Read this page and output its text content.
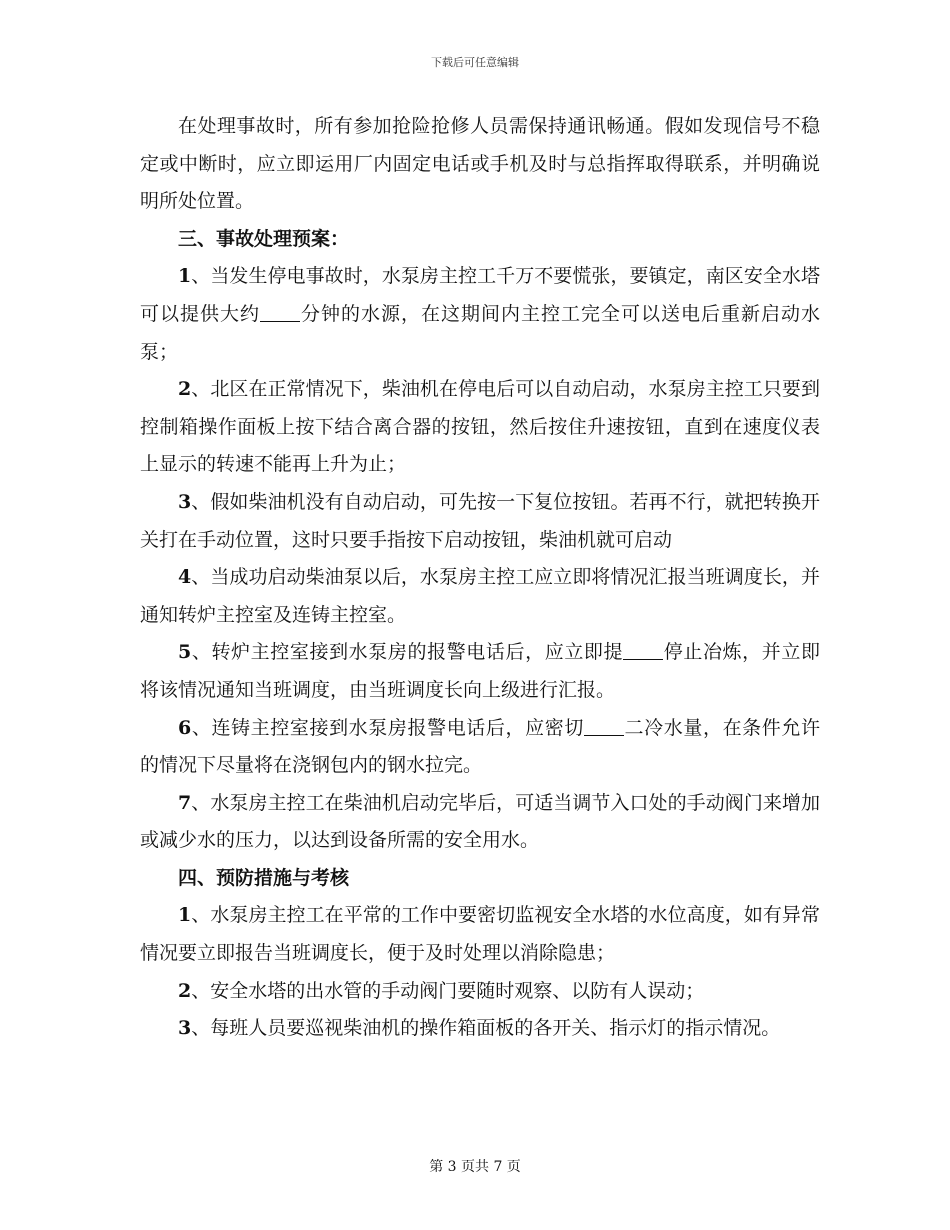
下载后可任意编辑

在处理事故时，所有参加抢险抢修人员需保持通讯畅通。假如发现信号不稳定或中断时，应立即运用厂内固定电话或手机及时与总指挥取得联系，并明确说明所处位置。

三、事故处理预案：

1、当发生停电事故时，水泵房主控工千万不要慌张，要镇定，南区安全水塔可以提供大约 分钟的水源，在这期间内主控工完全可以送电后重新启动水泵；

2、北区在正常情况下，柴油机在停电后可以自动启动，水泵房主控工只要到控制箱操作面板上按下结合离合器的按钮，然后按住升速按钮，直到在速度仪表上显示的转速不能再上升为止；

3、假如柴油机没有自动启动，可先按一下复位按钮。若再不行，就把转换开关打在手动位置，这时只要手指按下启动按钮，柴油机就可启动

4、当成功启动柴油泵以后，水泵房主控工应立即将情况汇报当班调度长，并通知转炉主控室及连铸主控室。

5、转炉主控室接到水泵房的报警电话后，应立即提 停止冶炼，并立即将该情况通知当班调度，由当班调度长向上级进行汇报。

6、连铸主控室接到水泵房报警电话后，应密切 二冷水量，在条件允许的情况下尽量将在浇钢包内的钢水拉完。

7、水泵房主控工在柴油机启动完毕后，可适当调节入口处的手动阀门来增加或减少水的压力，以达到设备所需的安全用水。

四、预防措施与考核

1、水泵房主控工在平常的工作中要密切监视安全水塔的水位高度，如有异常情况要立即报告当班调度长，便于及时处理以消除隐患；

2、安全水塔的出水管的手动阀门要随时观察、以防有人误动；

3、每班人员要巡视柴油机的操作箱面板的各开关、指示灯的指示情况。

第 3 页共 7 页
